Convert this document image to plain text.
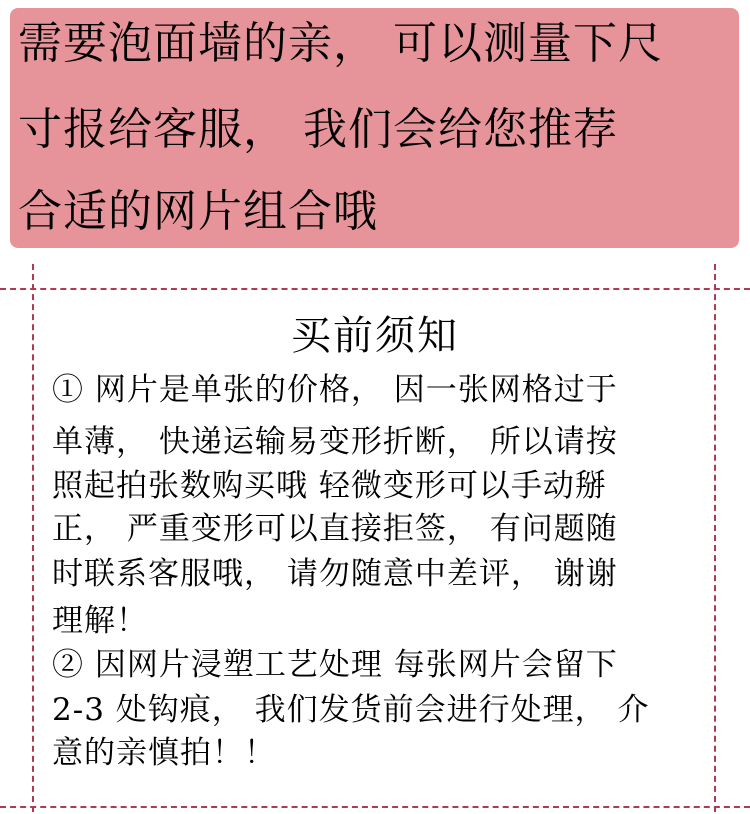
需要泡面墙的亲， 可以测量下尺
寸报给客服， 我们会给您推荐
合适的网片组合哦
买前须知
① 网片是单张的价格， 因一张网格过于
单薄， 快递运输易变形折断， 所以请按
照起拍张数购买哦 轻微变形可以手动掰
正， 严重变形可以直接拒签， 有问题随
时联系客服哦， 请勿随意中差评， 谢谢
理解！
② 因网片浸塑工艺处理 每张网片会留下
2-3 处钩痕， 我们发货前会进行处理， 介
意的亲慎拍！！
